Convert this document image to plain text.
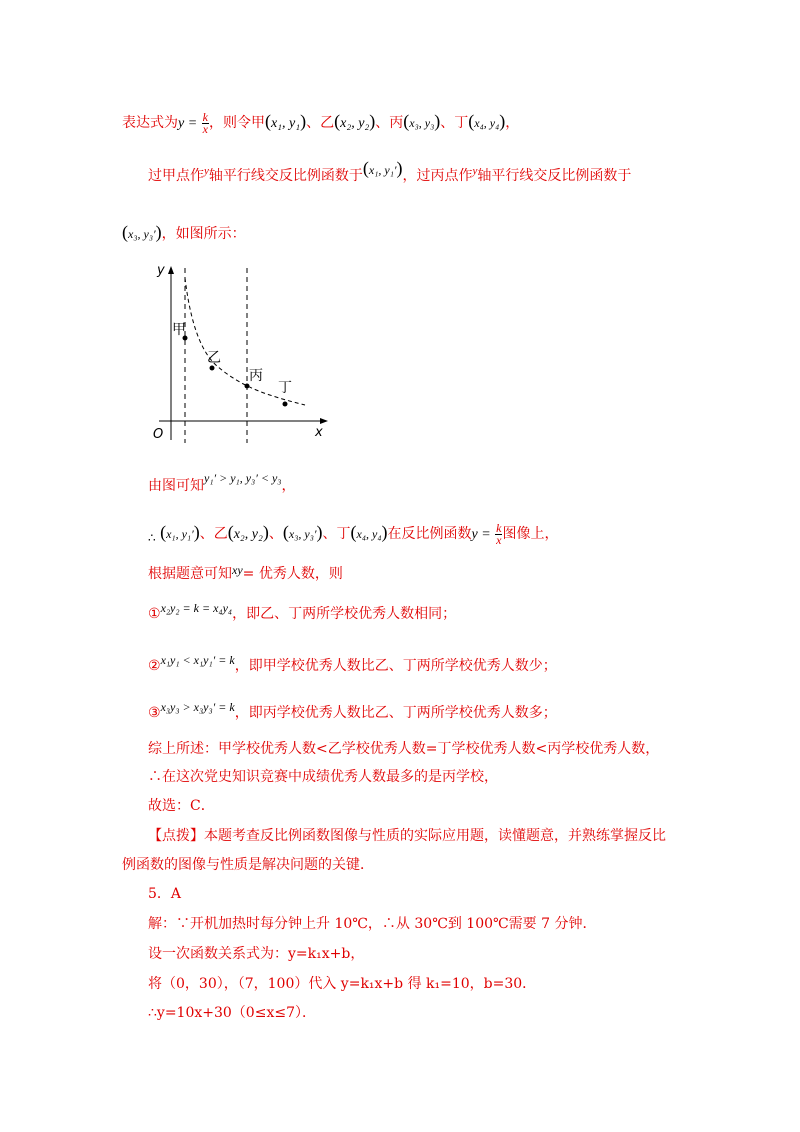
表达式为$y = \frac{k}{x}$ ，则令甲(x₁, y₁)、乙(x₂, y₂)、丙(x₃, y₃)、丁(x₄, y₄)，
过甲点作$^y$轴平行线交反比例函数于(x₁, y₁′)，过丙点作$^y$轴平行线交反比例函数于
(x₃, y₃′)，如图所示：
y
x
O
甲
乙
丙
丁
由图可知y₁′ > y₁, y₃′ < y₃，
∴ (x₁, y₁′)、乙(x₂, y₂)、(x₃, y₃′)、丁(x₄, y₄)在反比例函数$y = \frac{k}{x}$ 图像上，
根据题意可知xy= 优秀人数，则
①x₂y₂ = k = x₄y₄，即乙、丁两所学校优秀人数相同；
②x₁y₁ < x₁y₁′ = k，即甲学校优秀人数比乙、丁两所学校优秀人数少；
③x₃y₃ > x₃y₃′ = k，即丙学校优秀人数比乙、丁两所学校优秀人数多；
综上所述：甲学校优秀人数<乙学校优秀人数=丁学校优秀人数<丙学校优秀人数，
∴在这次党史知识竞赛中成绩优秀人数最多的是丙学校，
故选：C．
【点拨】本题考查反比例函数图像与性质的实际应用题，读懂题意，并熟练掌握反比
例函数的图像与性质是解决问题的关键．
5．A
解：∵开机加热时每分钟上升 10℃，∴从 30℃到 100℃需要 7 分钟．
设一次函数关系式为：y=k₁x+b，
将（0，30），（7，100）代入 y=k₁x+b 得 k₁=10，b=30．
∴y=10x+30（0≤x≤7）．
